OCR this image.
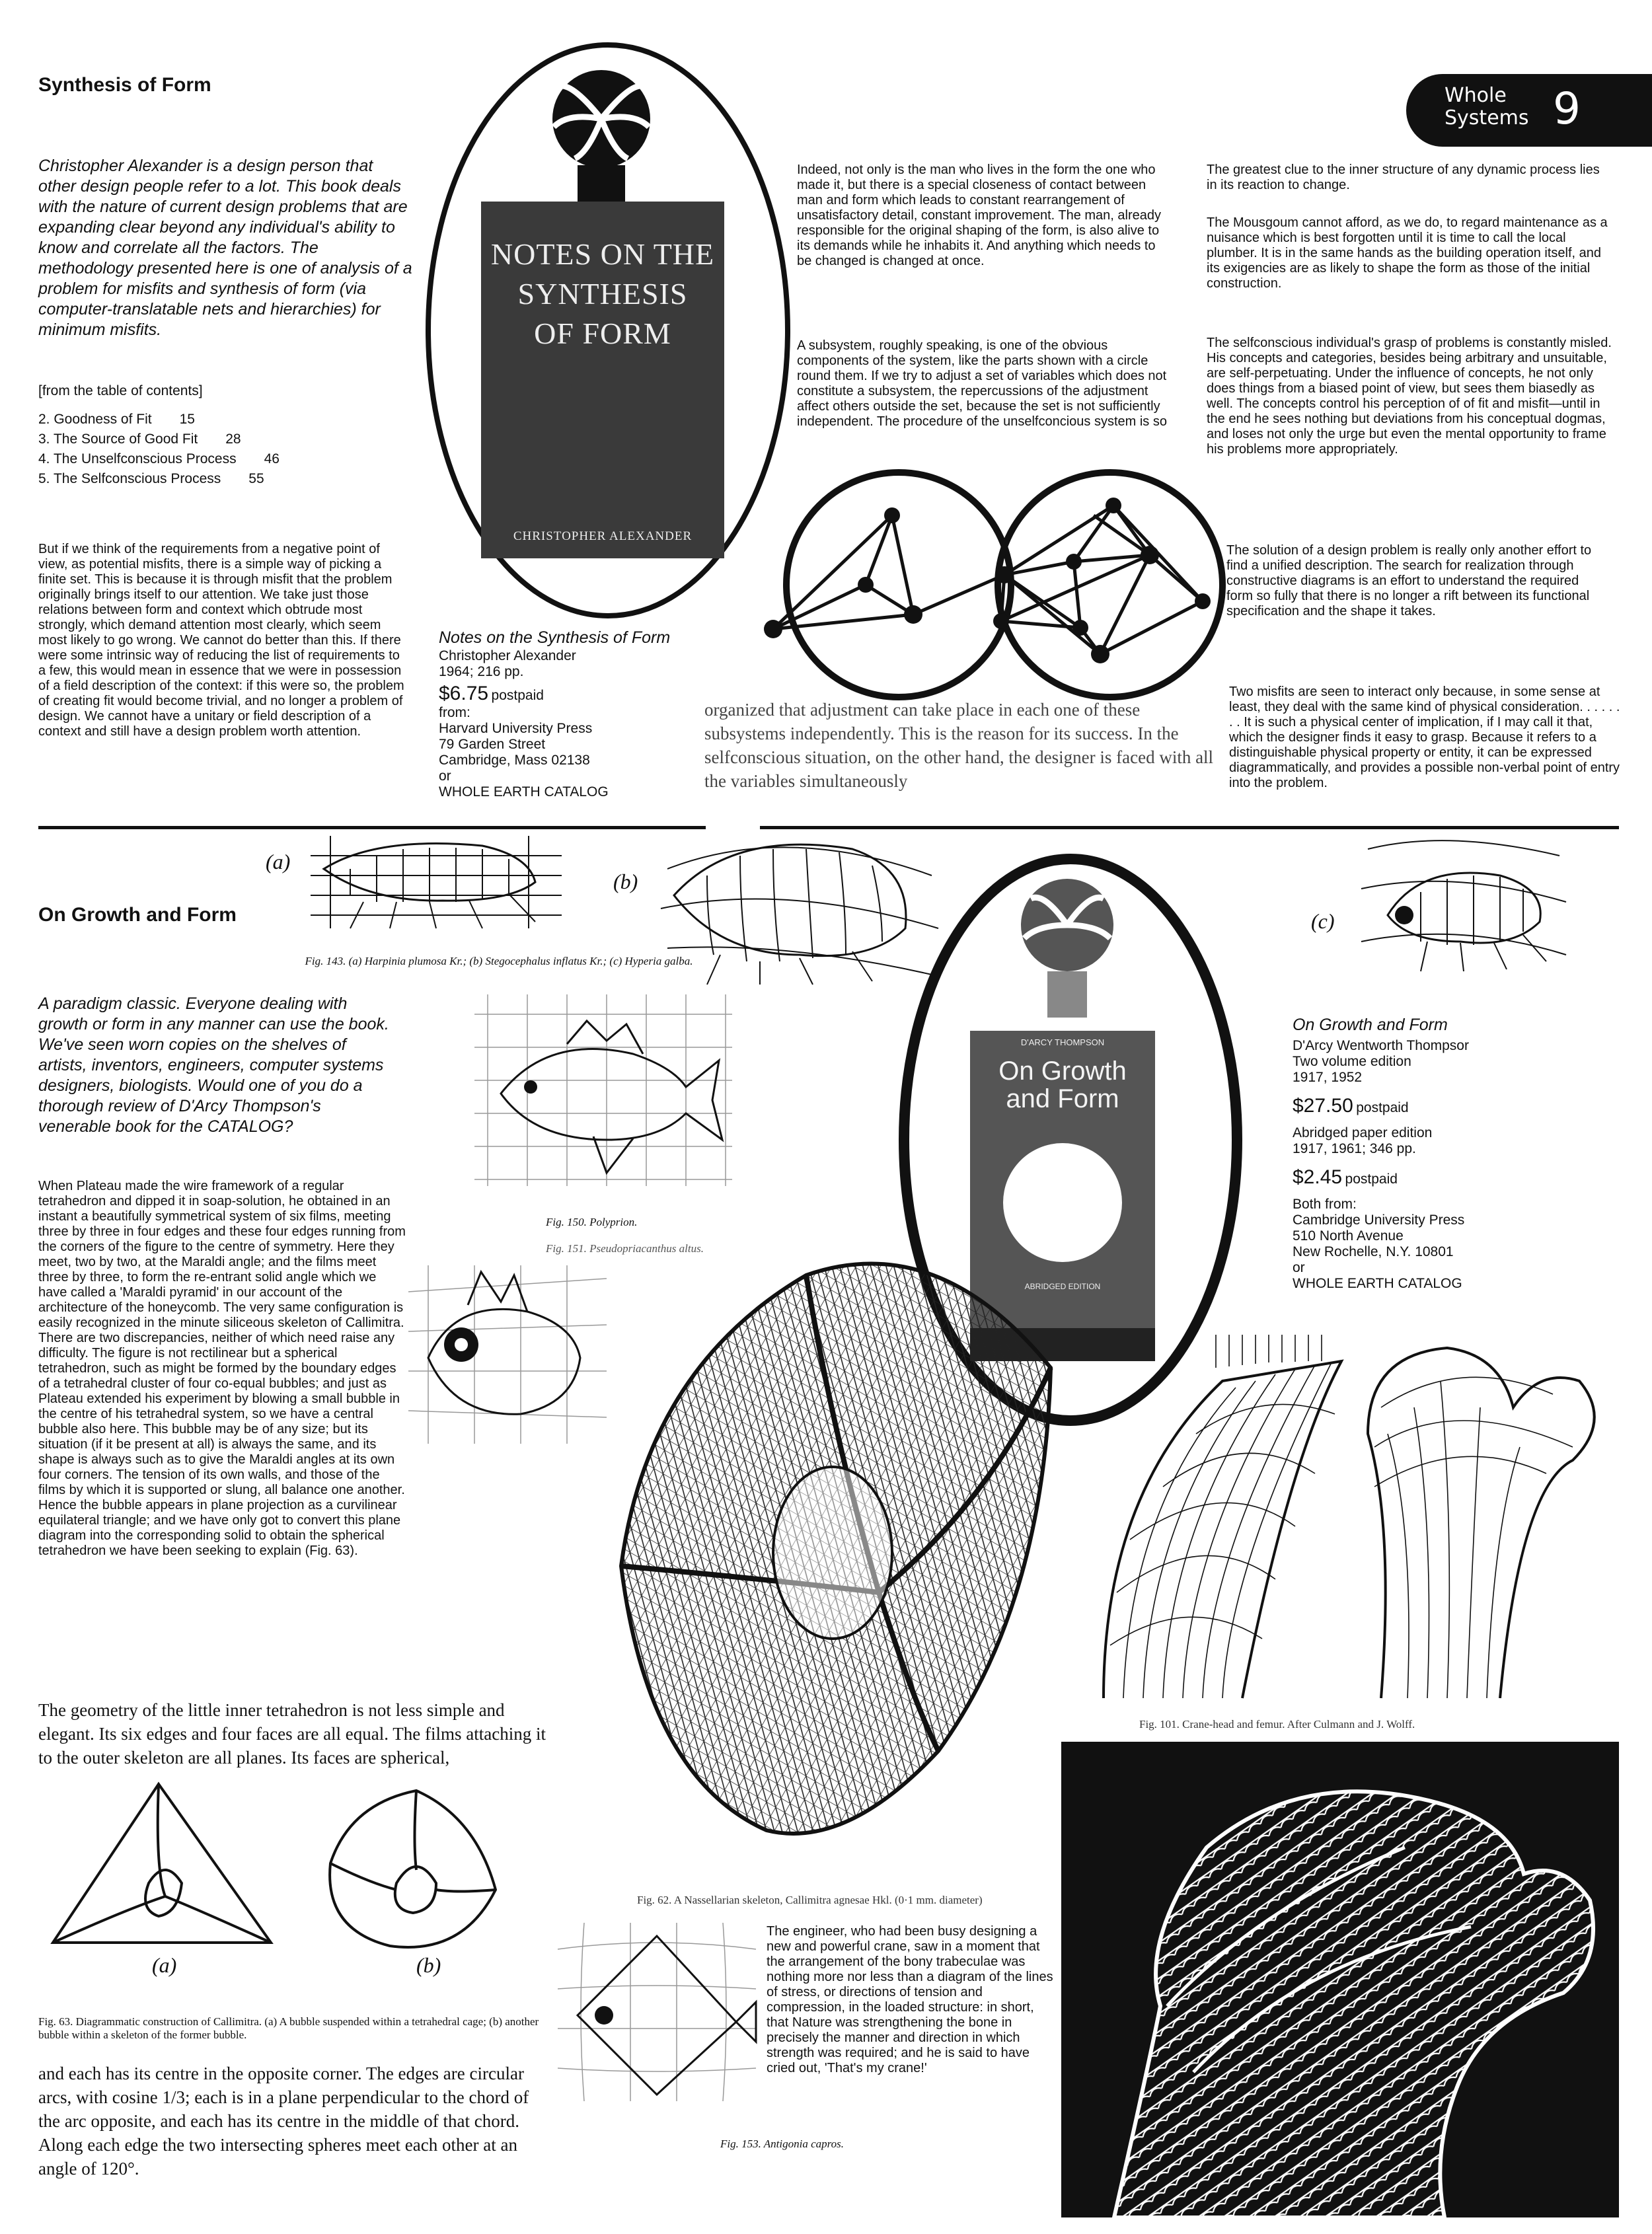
Synthesis of Form	Whole
Systems 9
Christopher Alexander is a design person that other design people refer to a lot. This book deals with the nature of current design problems that are expanding clear beyond any individual's ability to know and correlate all the factors. The methodology presented here is one of analysis of a problem for misfits and synthesis of form (via computer-translatable nets and hierarchies) for minimum misfits.
[from the table of contents]
2. Goodness of Fit 15
3. The Source of Good Fit 28
4. The Unselfconscious Process 46
5. The Selfconscious Process 55
But if we think of the requirements from a negative point of view, as potential misfits, there is a simple way of picking a finite set. This is because it is through misfit that the problem originally brings itself to our attention. We take just those relations between form and context which obtrude most strongly, which demand attention most clearly, which seem most likely to go wrong. We cannot do better than this. If there were some intrinsic way of reducing the list of requirements to a few, this would mean in essence that we were in possession of a field description of the context: if this were so, the problem of creating fit would become trivial, and no longer a problem of design. We cannot have a unitary or field description of a context and still have a design problem worth attention.
NOTES ON THE
SYNTHESIS
OF FORM
CHRISTOPHER ALEXANDER
Notes on the Synthesis of Form
Christopher Alexander
1964; 216 pp.
$6.75 postpaid
from:
Harvard University Press
79 Garden Street
Cambridge, Mass 02138
or
WHOLE EARTH CATALOG
Indeed, not only is the man who lives in the form the one who made it, but there is a special closeness of contact between man and form which leads to constant rearrangement of unsatisfactory detail, constant improvement. The man, already responsible for the original shaping of the form, is also alive to its demands while he inhabits it. And anything which needs to be changed is changed at once.
A subsystem, roughly speaking, is one of the obvious components of the system, like the parts shown with a circle round them. If we try to adjust a set of variables which does not constitute a subsystem, the repercussions of the adjustment affect others outside the set, because the set is not sufficiently independent. The procedure of the unselfconcious system is so
organized that adjustment can take place in each one of these subsystems independently. This is the reason for its success. In the selfconscious situation, on the other hand, the designer is faced with all the variables simultaneously
The greatest clue to the inner structure of any dynamic process lies in its reaction to change.
The Mousgoum cannot afford, as we do, to regard maintenance as a nuisance which is best forgotten until it is time to call the local plumber. It is in the same hands as the building operation itself, and its exigencies are as likely to shape the form as those of the initial construction.
The selfconscious individual's grasp of problems is constantly misled. His concepts and categories, besides being arbitrary and unsuitable, are self-perpetuating. Under the influence of concepts, he not only does things from a biased point of view, but sees them biasedly as well. The concepts control his perception of of fit and misfit—until in the end he sees nothing but deviations from his conceptual dogmas, and loses not only the urge but even the mental opportunity to frame his problems more appropriately.
The solution of a design problem is really only another effort to find a unified description. The search for realization through constructive diagrams is an effort to understand the required form so fully that there is no longer a rift between its functional specification and the shape it takes.
Two misfits are seen to interact only because, in some sense at least, they deal with the same kind of physical consideration. . . . . . . . It is such a physical center of implication, if I may call it that, which the designer finds it easy to grasp. Because it refers to a distinguishable physical property or entity, it can be expressed diagrammatically, and provides a possible non-verbal point of entry into the problem.
(a)
(b)
(c)
On Growth and Form
Fig. 143. (a) Harpinia plumosa Kr.; (b) Stegocephalus inflatus Kr.; (c) Hyperia galba.
A paradigm classic. Everyone dealing with growth or form in any manner can use the book. We've seen worn copies on the shelves of artists, inventors, engineers, computer systems designers, biologists. Would one of you do a thorough review of D'Arcy Thompson's venerable book for the CATALOG?
Fig. 150. Polyprion.
Fig. 151. Pseudopriacanthus altus.
When Plateau made the wire framework of a regular tetrahedron and dipped it in soap-solution, he obtained in an instant a beautifully symmetrical system of six films, meeting three by three in four edges and these four edges running from the corners of the figure to the centre of symmetry. Here they meet, two by two, at the Maraldi angle; and the films meet three by three, to form the re-entrant solid angle which we have called a 'Maraldi pyramid' in our account of the architecture of the honeycomb. The very same configuration is easily recognized in the minute siliceous skeleton of Callimitra. There are two discrepancies, neither of which need raise any difficulty. The figure is not rectilinear but a spherical tetrahedron, such as might be formed by the boundary edges of a tetrahedral cluster of four co-equal bubbles; and just as Plateau extended his experiment by blowing a small bubble in the centre of his tetrahedral system, so we have a central bubble also here. This bubble may be of any size; but its situation (if it be present at all) is always the same, and its shape is always such as to give the Maraldi angles at its own four corners. The tension of its own walls, and those of the films by which it is supported or slung, all balance one another. Hence the bubble appears in plane projection as a curvilinear equilateral triangle; and we have only got to convert this plane diagram into the corresponding solid to obtain the spherical tetrahedron we have been seeking to explain (Fig. 63).
The geometry of the little inner tetrahedron is not less simple and elegant. Its six edges and four faces are all equal. The films attaching it to the outer skeleton are all planes. Its faces are spherical,
(a)	(b)
Fig. 63. Diagrammatic construction of Callimitra. (a) A bubble suspended within a tetrahedral cage; (b) another bubble within a skeleton of the former bubble.
and each has its centre in the opposite corner. The edges are circular arcs, with cosine 1/3; each is in a plane perpendicular to the chord of the arc opposite, and each has its centre in the middle of that chord. Along each edge the two intersecting spheres meet each other at an angle of 120°.
D'ARCY THOMPSON
On Growth
and Form
ABRIDGED EDITION
On Growth and Form
D'Arcy Wentworth Thompsor
Two volume edition
1917, 1952
$27.50 postpaid
Abridged paper edition
1917, 1961; 346 pp.
$2.45 postpaid
Both from:
Cambridge University Press
510 North Avenue
New Rochelle, N.Y. 10801
or
WHOLE EARTH CATALOG
Fig. 62. A Nassellarian skeleton, Callimitra agnesae Hkl. (0·1 mm. diameter)
Fig. 153. Antigonia capros.
The engineer, who had been busy designing a new and powerful crane, saw in a moment that the arrangement of the bony trabeculae was nothing more nor less than a diagram of the lines of stress, or directions of tension and compression, in the loaded structure: in short, that Nature was strengthening the bone in precisely the manner and direction in which strength was required; and he is said to have cried out, 'That's my crane!'
Fig. 101. Crane-head and femur. After Culmann and J. Wolff.
